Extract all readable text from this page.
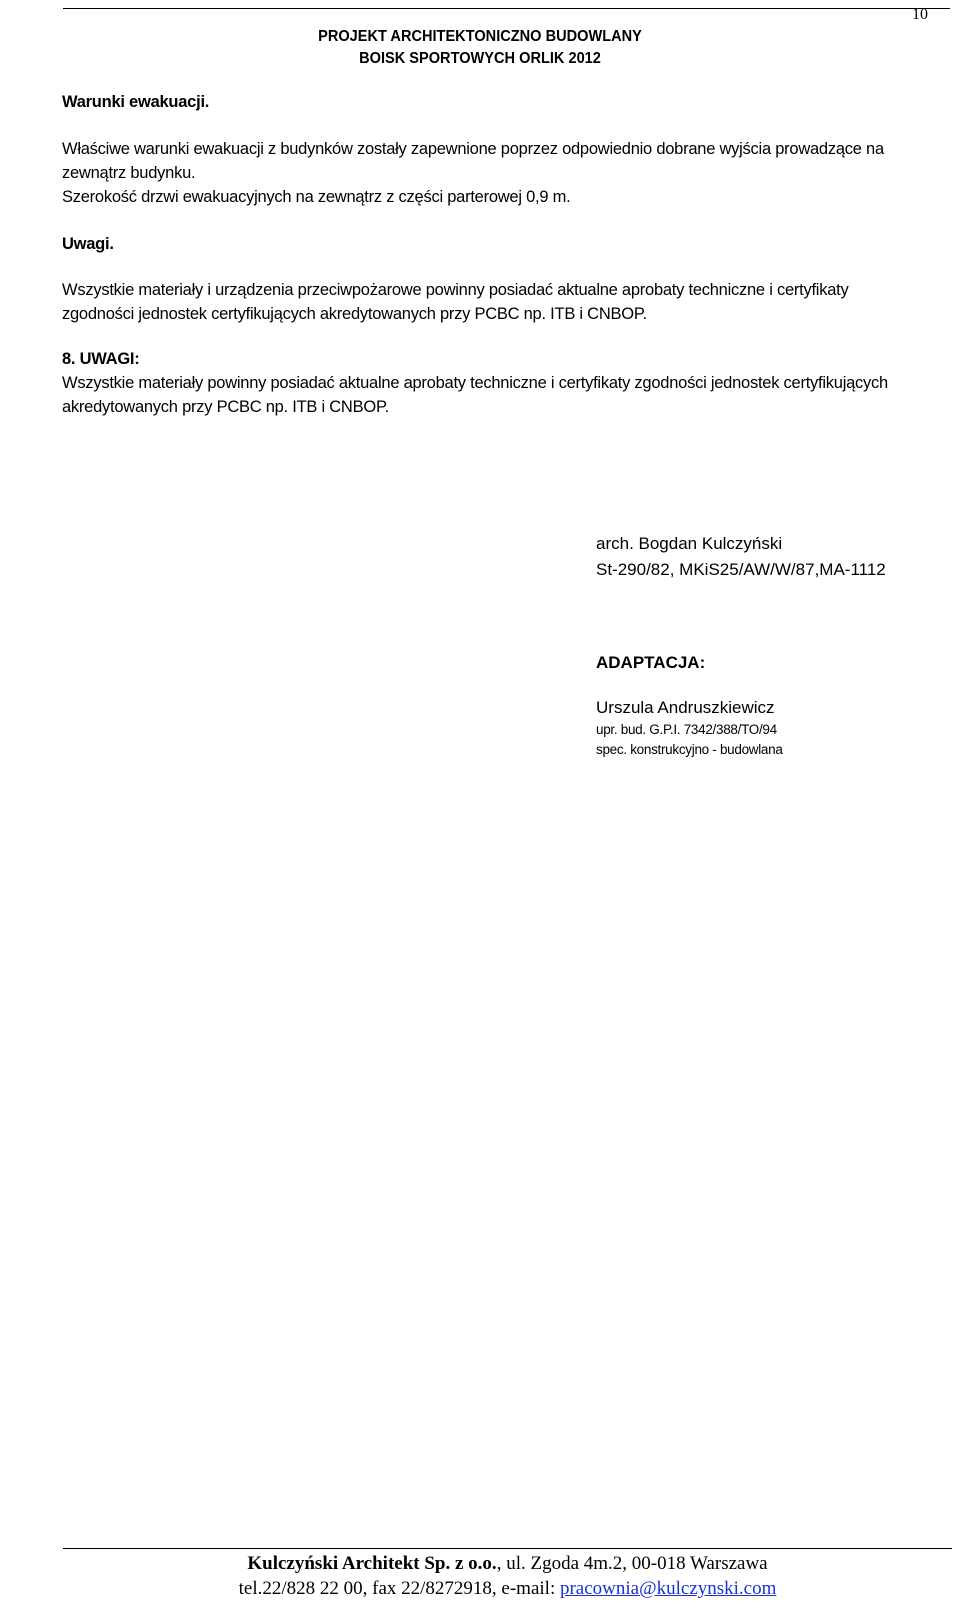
10
PROJEKT ARCHITEKTONICZNO BUDOWLANY
BOISK SPORTOWYCH ORLIK 2012
Warunki ewakuacji.
Właściwe warunki ewakuacji z budynków zostały zapewnione poprzez odpowiednio dobrane wyjścia prowadzące na
zewnątrz budynku.
Szerokość drzwi ewakuacyjnych na zewnątrz z części parterowej 0,9 m.
Uwagi.
Wszystkie materiały i urządzenia przeciwpożarowe powinny posiadać aktualne aprobaty techniczne i certyfikaty
zgodności jednostek certyfikujących akredytowanych przy PCBC np. ITB i CNBOP.
8. UWAGI:
Wszystkie materiały powinny posiadać aktualne aprobaty techniczne i certyfikaty zgodności jednostek certyfikujących
akredytowanych przy PCBC np. ITB i CNBOP.
arch. Bogdan Kulczyński
St-290/82, MKiS25/AW/W/87,MA-1112
ADAPTACJA:
Urszula Andruszkiewicz
upr. bud. G.P.I. 7342/388/TO/94
spec. konstrukcyjno - budowlana
Kulczyński Architekt Sp. z o.o., ul. Zgoda 4m.2, 00-018 Warszawa
tel.22/828 22 00, fax 22/8272918, e-mail: pracownia@kulczynski.com
